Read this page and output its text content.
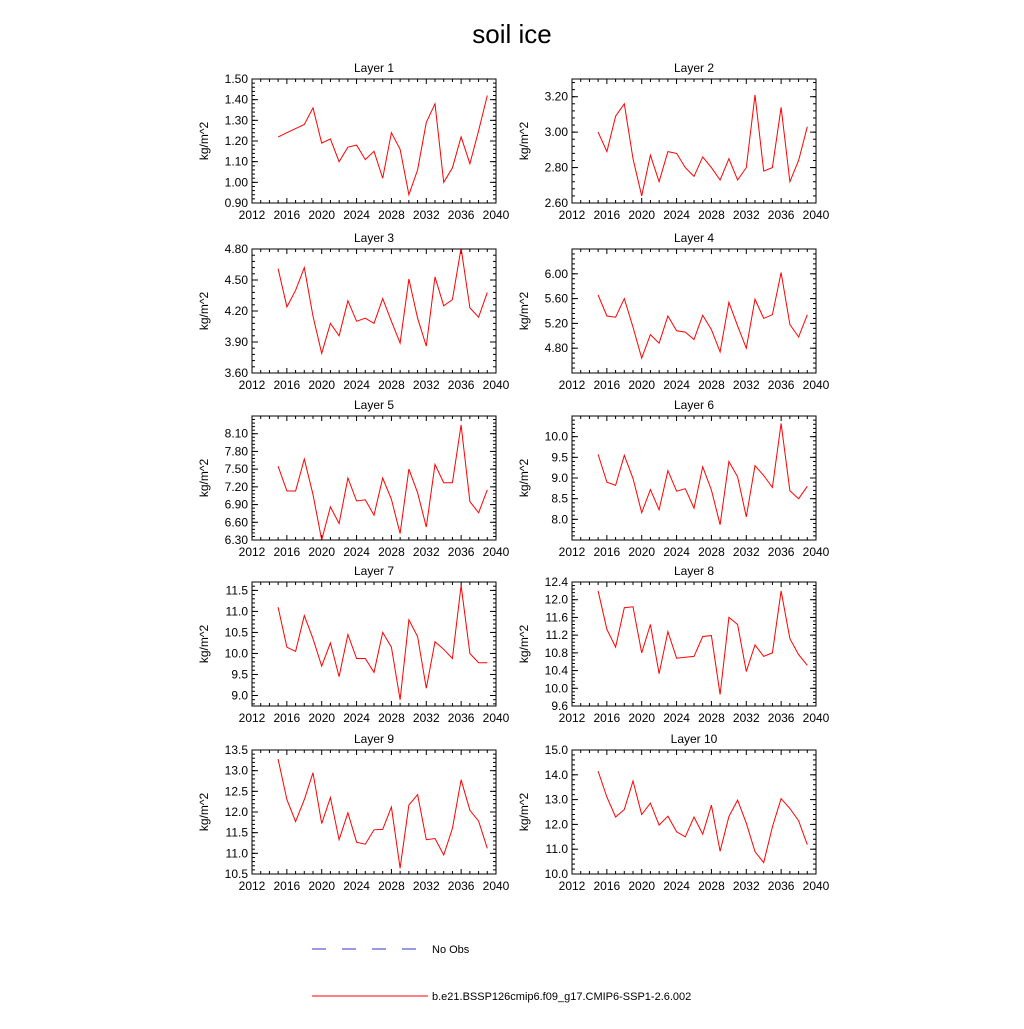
soil ice
Layer 1
kg/m^2
2012 2016 2020 2024 2028 2032 2036 2040
0.90
1.00
1.10
1.20
1.30
1.40
1.50
Layer 2
kg/m^2
2012 2016 2020 2024 2028 2032 2036 2040
2.60
2.80
3.00
3.20
Layer 3
kg/m^2
2012 2016 2020 2024 2028 2032 2036 2040
3.60
3.90
4.20
4.50
4.80
Layer 4
kg/m^2
2012 2016 2020 2024 2028 2032 2036 2040
4.80
5.20
5.60
6.00
Layer 5
kg/m^2
2012 2016 2020 2024 2028 2032 2036 2040
6.30
6.60
6.90
7.20
7.50
7.80
8.10
Layer 6
kg/m^2
2012 2016 2020 2024 2028 2032 2036 2040
8.0
8.5
9.0
9.5
10.0
Layer 7
kg/m^2
2012 2016 2020 2024 2028 2032 2036 2040
9.0
9.5
10.0
10.5
11.0
11.5
Layer 8
kg/m^2
2012 2016 2020 2024 2028 2032 2036 2040
9.6
10.0
10.4
10.8
11.2
11.6
12.0
12.4
Layer 9
kg/m^2
2012 2016 2020 2024 2028 2032 2036 2040
10.5
11.0
11.5
12.0
12.5
13.0
13.5
Layer 10
kg/m^2
2012 2016 2020 2024 2028 2032 2036 2040
10.0
11.0
12.0
13.0
14.0
15.0
No Obs
b.e21.BSSP126cmip6.f09_g17.CMIP6-SSP1-2.6.002
